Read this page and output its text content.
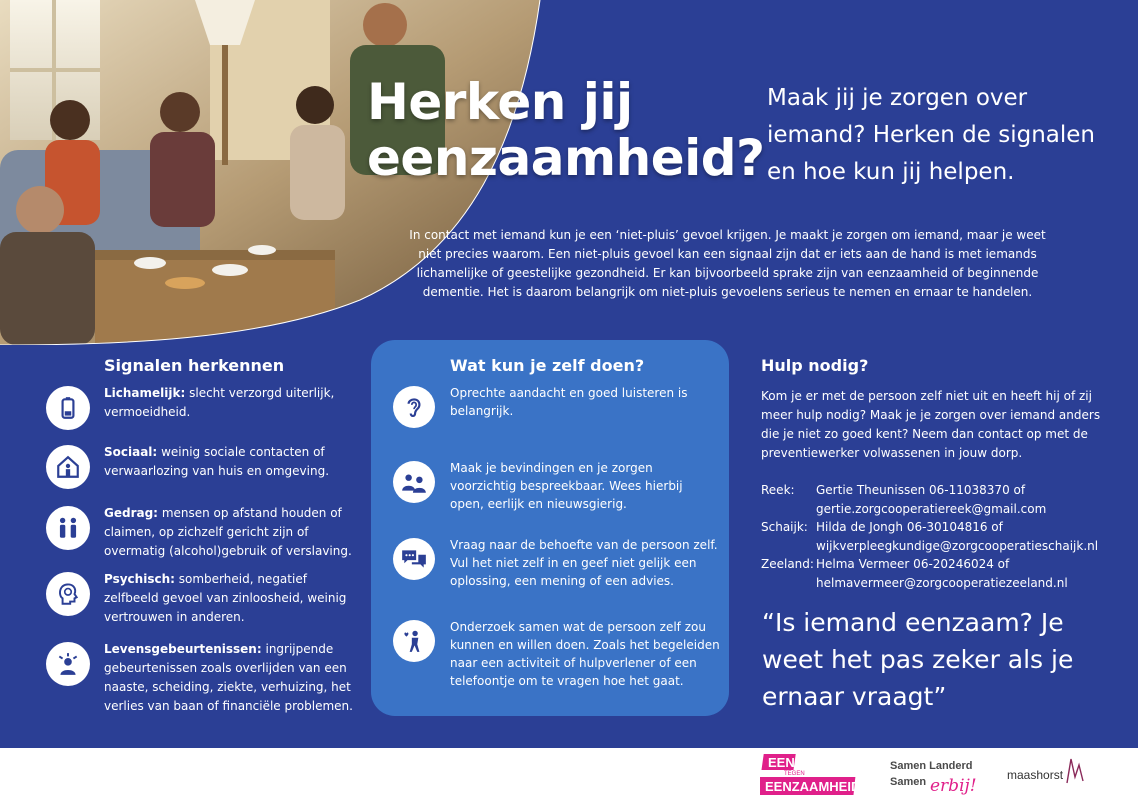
Herken jij
eenzaamheid?

Maak jij je zorgen over iemand? Herken de signalen en hoe kun jij helpen.

In contact met iemand kun je een ‘niet-pluis’ gevoel krijgen. Je maakt je zorgen om iemand, maar je weet niet precies waarom. Een niet-pluis gevoel kan een signaal zijn dat er iets aan de hand is met iemands lichamelijke of geestelijke gezondheid. Er kan bijvoorbeeld sprake zijn van eenzaamheid of beginnende dementie. Het is daarom belangrijk om niet-pluis gevoelens serieus te nemen en ernaar te handelen.

Signalen herkennen

Lichamelijk: slecht verzorgd uiterlijk, vermoeidheid.

Sociaal: weinig sociale contacten of verwaarlozing van huis en omgeving.

Gedrag: mensen op afstand houden of claimen, op zichzelf gericht zijn of overmatig (alcohol)gebruik of verslaving.

Psychisch: somberheid, negatief zelfbeeld gevoel van zinloosheid, weinig vertrouwen in anderen.

Levensgebeurtenissen: ingrijpende gebeurtenissen zoals overlijden van een naaste, scheiding, ziekte, verhuizing, het verlies van baan of financiële problemen.

Wat kun je zelf doen?

Oprechte aandacht en goed luisteren is belangrijk.

Maak je bevindingen en je zorgen voorzichtig bespreekbaar. Wees hierbij open, eerlijk en nieuwsgierig.

Vraag naar de behoefte van de persoon zelf. Vul het niet zelf in en geef niet gelijk een oplossing, een mening of een advies.

Onderzoek samen wat de persoon zelf zou kunnen en willen doen. Zoals het begeleiden naar een activiteit of hulpverlener of een telefoontje om te vragen hoe het gaat.

Hulp nodig?

Kom je er met de persoon zelf niet uit en heeft hij of zij meer hulp nodig? Maak je je zorgen over iemand anders die je niet zo goed kent? Neem dan contact op met de preventiewerker volwassenen in jouw dorp.

Reek: Gertie Theunissen 06-11038370 of
gertie.zorgcooperatiereek@gmail.com
Schaijk: Hilda de Jongh 06-30104816 of
wijkverpleegkundige@zorgcooperatieschaijk.nl
Zeeland: Helma Vermeer 06-20246024 of
helmavermeer@zorgcooperatiezeeland.nl

“Is iemand eenzaam? Je weet het pas zeker als je ernaar vraagt”

EEN
TEGEN
EENZAAMHEID
Samen Landerd
Samen erbij!
maashorst
